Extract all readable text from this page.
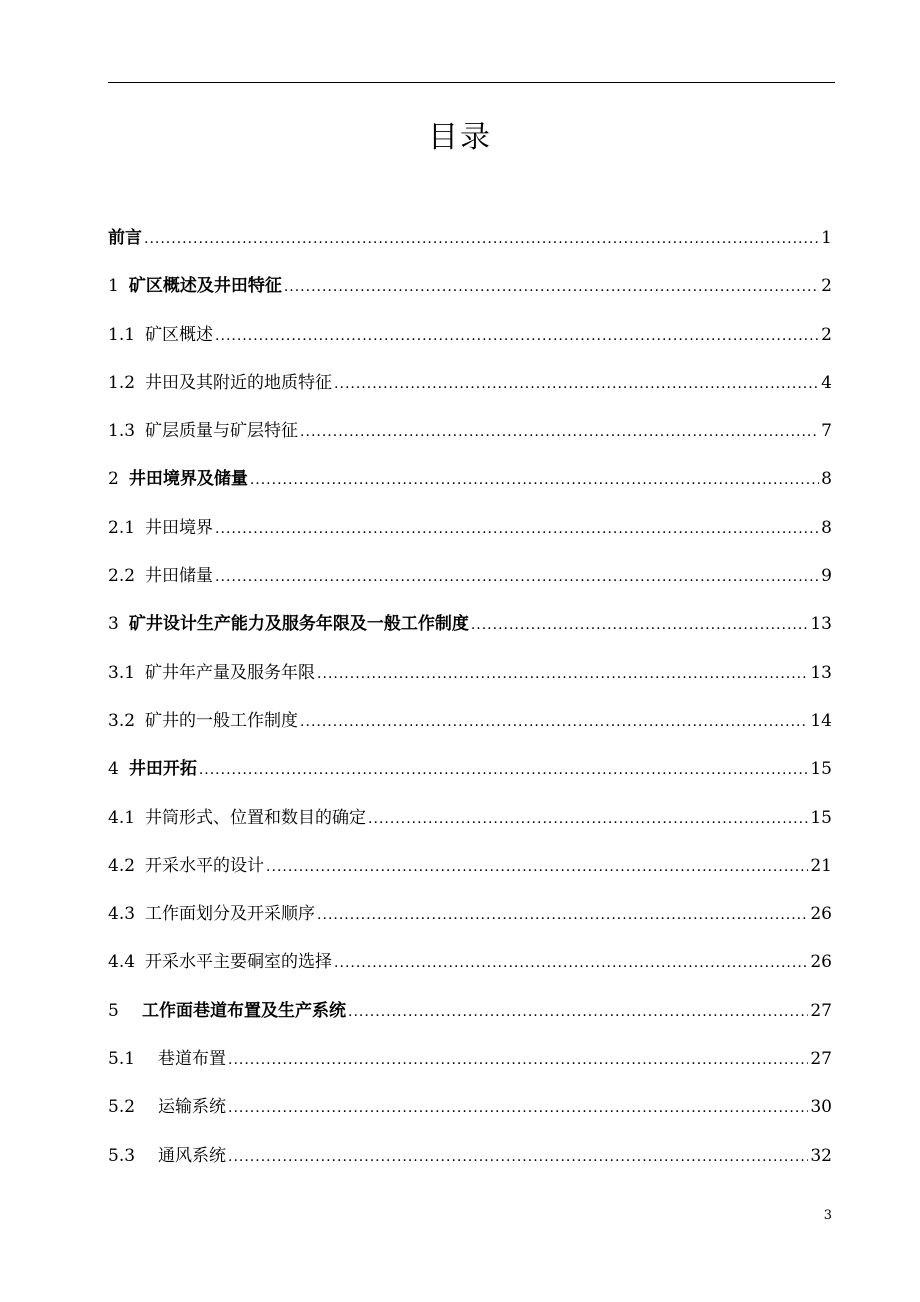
目录
前言 .....	1
1 矿区概述及井田特征 .....	2
1.1 矿区概述 .....	2
1.2 井田及其附近的地质特征 .....	4
1.3 矿层质量与矿层特征 .....	7
2 井田境界及储量 .....	8
2.1 井田境界 .....	8
2.2 井田储量 .....	9
3 矿井设计生产能力及服务年限及一般工作制度 .....	13
3.1 矿井年产量及服务年限 .....	13
3.2 矿井的一般工作制度 .....	14
4 井田开拓 .....	15
4.1 井筒形式、位置和数目的确定 .....	15
4.2 开采水平的设计 .....	21
4.3 工作面划分及开采顺序 .....	26
4.4 开采水平主要硐室的选择 .....	26
5	工作面巷道布置及生产系统 .....	27
5.1	巷道布置 .....	27
5.2	运输系统 .....	30
5.3	通风系统 .....	32
3
